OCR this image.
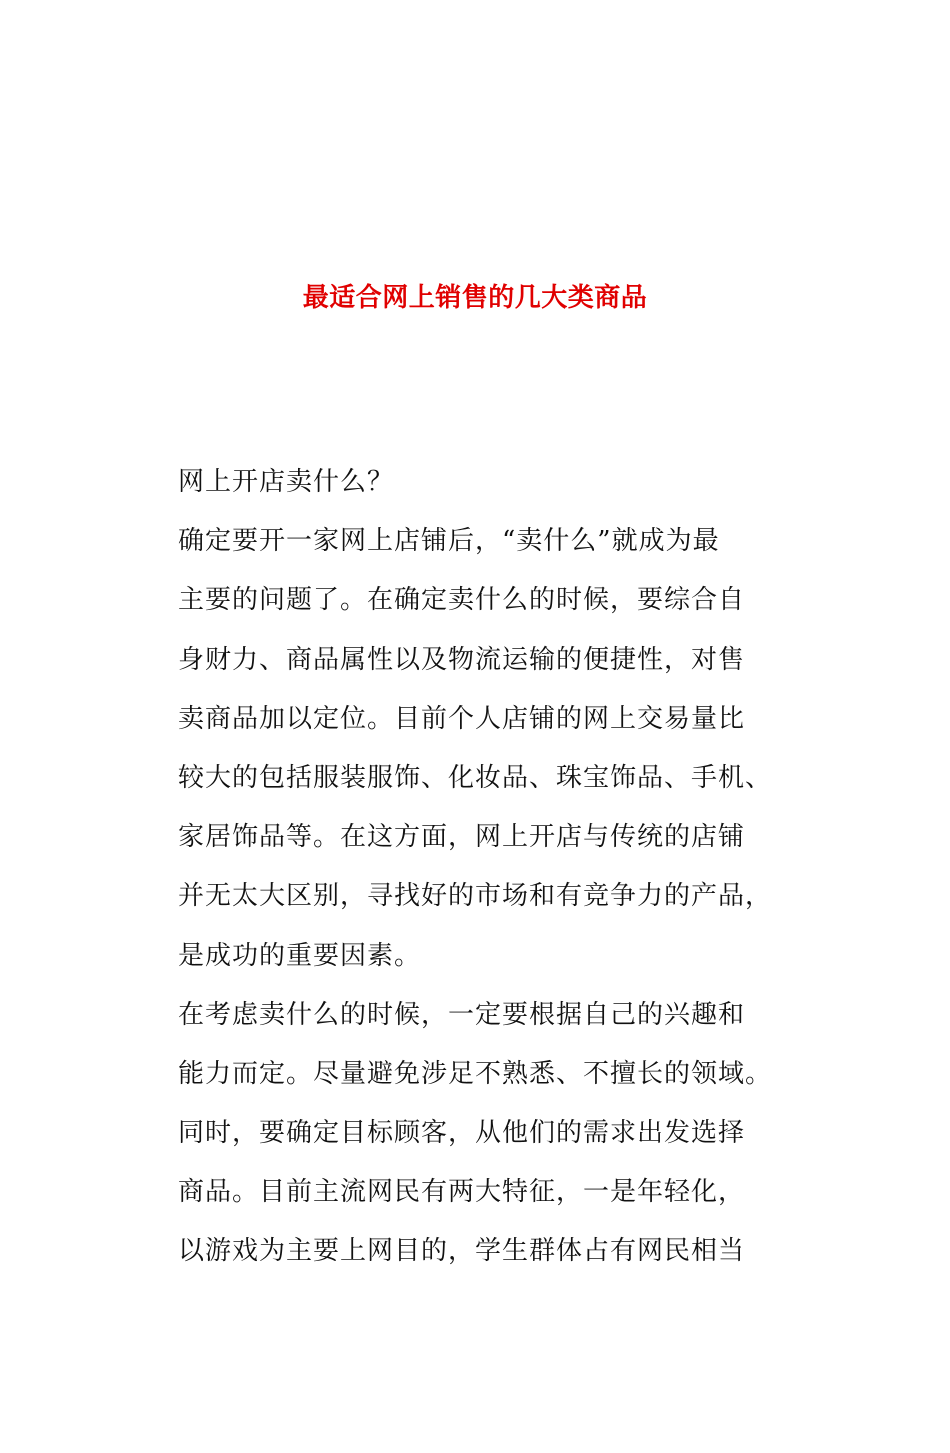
最适合网上销售的几大类商品
网上开店卖什么？
确定要开一家网上店铺后，“卖什么”就成为最
主要的问题了。在确定卖什么的时候，要综合自
身财力、商品属性以及物流运输的便捷性，对售
卖商品加以定位。目前个人店铺的网上交易量比
较大的包括服装服饰、化妆品、珠宝饰品、手机、
家居饰品等。在这方面，网上开店与传统的店铺
并无太大区别，寻找好的市场和有竞争力的产品，
是成功的重要因素。
在考虑卖什么的时候，一定要根据自己的兴趣和
能力而定。尽量避免涉足不熟悉、不擅长的领域。
同时，要确定目标顾客，从他们的需求出发选择
商品。目前主流网民有两大特征，一是年轻化，
以游戏为主要上网目的，学生群体占有网民相当
